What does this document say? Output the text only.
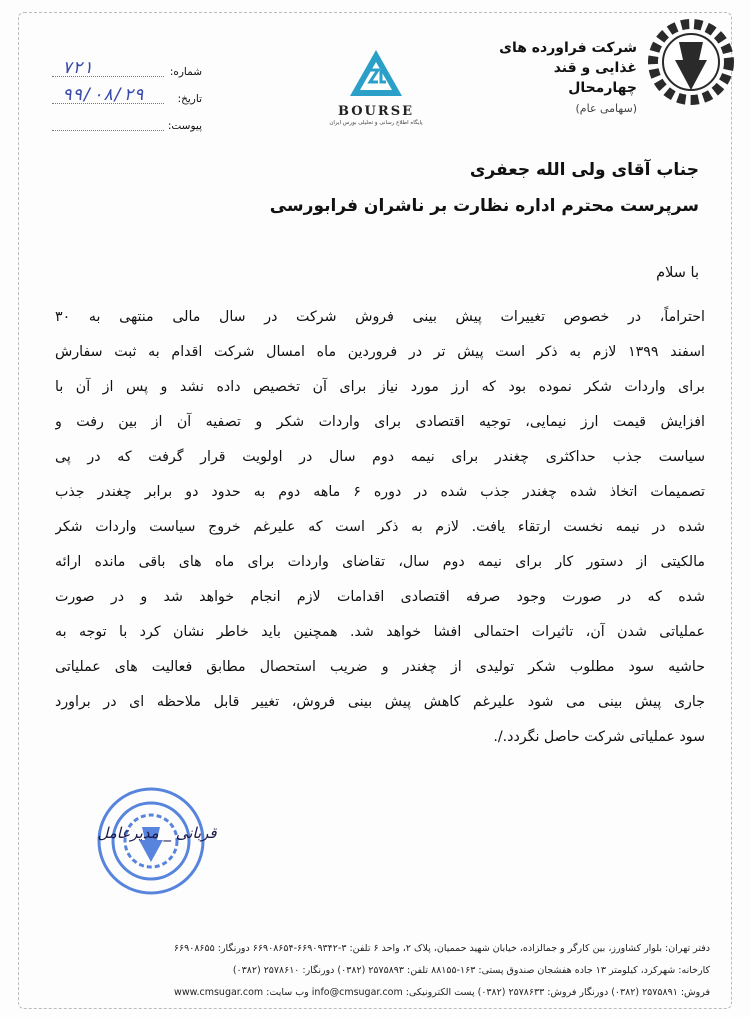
شرکت فراورده های
غذایی و قند
چهارمحال
(سهامی عام)
BOURSE
پایگاه اطلاع رسانی و تحلیلی بورس ایران
شماره:
۷۲۱
تاریخ:
۹۹/۰۸/۲۹
پیوست:
جناب آقای ولی الله جعفری
سرپرست محترم اداره نظارت بر ناشران فرابورسی
با سلام
احتراماً، در خصوص تغییرات پیش بینی فروش شرکت در سال مالی منتهی به ۳۰
اسفند ۱۳۹۹ لازم به ذکر است پیش تر در فروردین ماه امسال شرکت اقدام به ثبت سفارش
برای واردات شکر نموده بود که ارز مورد نیاز برای آن تخصیص داده نشد و پس از آن با
افزایش قیمت ارز نیمایی، توجیه اقتصادی برای واردات شکر و تصفیه آن از بین رفت و
سیاست جذب حداکثری چغندر برای نیمه دوم سال در اولویت قرار گرفت که در پی
تصمیمات اتخاذ شده چغندر جذب شده در دوره ۶ ماهه دوم به حدود دو برابر چغندر جذب
شده در نیمه نخست ارتقاء یافت. لازم به ذکر است که علیرغم خروج سیاست واردات شکر
مالکیتی از دستور کار برای نیمه دوم سال، تقاضای واردات برای ماه های باقی مانده ارائه
شده که در صورت وجود صرفه اقتصادی اقدامات لازم انجام خواهد شد و در صورت
عملیاتی شدن آن، تاثیرات احتمالی افشا خواهد شد. همچنین باید خاطر نشان کرد با توجه به
حاشیه سود مطلوب شکر تولیدی از چغندر و ضریب استحصال مطابق فعالیت های عملیاتی
جاری پیش بینی می شود علیرغم کاهش پیش بینی فروش، تغییر قابل ملاحظه ای در براورد
سود عملیاتی شرکت حاصل نگردد./.
قربانی _ مدیرعامل
دفتر تهران: بلوار کشاورز، بین کارگر و جمالزاده، خیابان شهید حممیان، پلاک ۲، واحد ۶ تلفن: ۳-۶۶۹۰۹۳۴۲-۶۶۹۰۸۶۵۴ دورنگار: ۶۶۹۰۸۶۵۵
کارخانه: شهرکرد، کیلومتر ۱۳ جاده هفشجان صندوق پستی: ۱۶۳-۸۸۱۵۵ تلفن: ۲۵۷۵۸۹۳ (۰۳۸۲) دورنگار: ۲۵۷۸۶۱۰ (۰۳۸۲)
فروش: ۲۵۷۵۸۹۱ (۰۳۸۲) دورنگار فروش: ۲۵۷۸۶۳۳ (۰۳۸۲) پست الکترونیکی: info@cmsugar.com وب سایت: www.cmsugar.com
